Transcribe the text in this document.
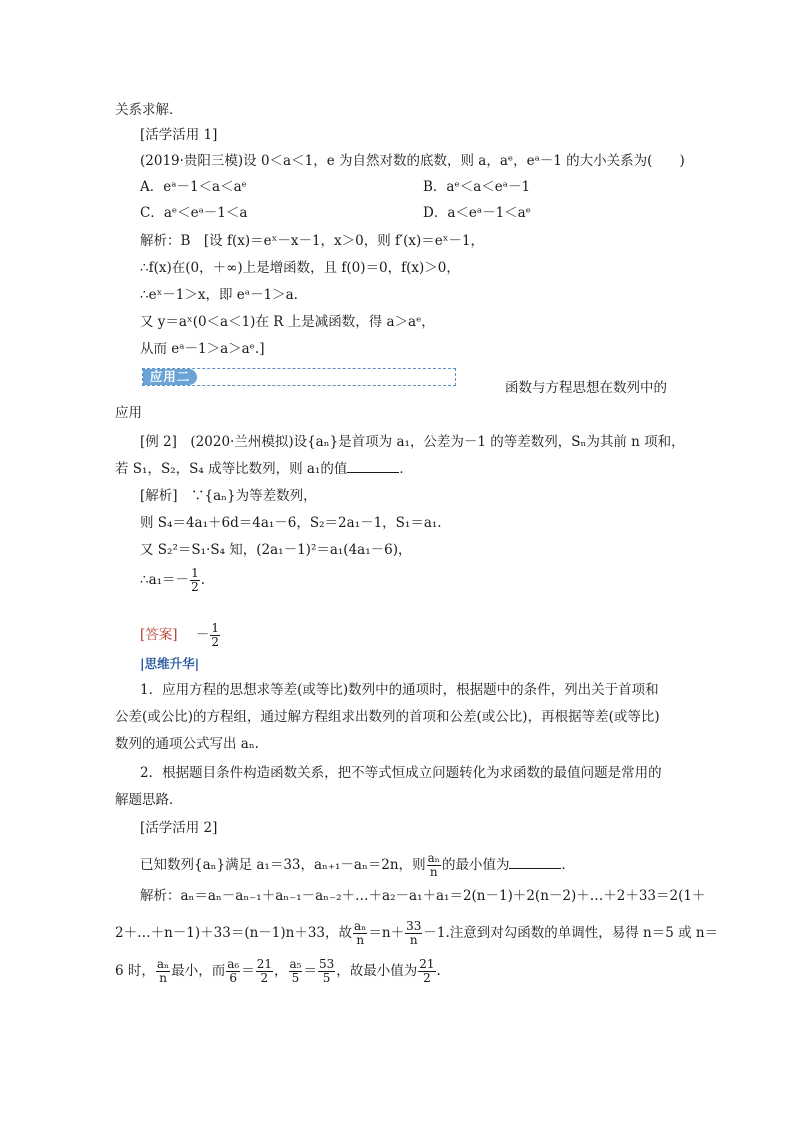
关系求解．
[活学活用 1]
(2019·贵阳三模)设 0＜a＜1，e 为自然对数的底数，则 a，aᵉ，eᵃ－1 的大小关系为(　　)
A．eᵃ－1＜a＜aᵉ	B．aᵉ＜a＜eᵃ－1
C．aᵉ＜eᵃ－1＜a	D．a＜eᵃ－1＜aᵉ
解析：B　[设 f(x)＝eˣ－x－1，x＞0，则 f′(x)＝eˣ－1，
∴f(x)在(0，＋∞)上是增函数，且 f(0)＝0，f(x)＞0，
∴eˣ－1＞x，即 eᵃ－1＞a.
又 y＝aˣ(0＜a＜1)在 R 上是减函数，得 a＞aᵉ，
从而 eᵃ－1＞a＞aᵉ.]
应用二
函数与方程思想在数列中的
应用
[例 2]　(2020·兰州模拟)设{aₙ}是首项为 a₁，公差为－1 的等差数列，Sₙ为其前 n 项和，
若 S₁，S₂，S₄ 成等比数列，则 a₁的值	．
[解析]　∵{aₙ}为等差数列，
则 S₄＝4a₁＋6d＝4a₁－6，S₂＝2a₁－1，S₁＝a₁.
又 S₂²＝S₁·S₄ 知，(2a₁－1)²＝a₁(4a₁－6)，
∴a₁＝－ $\frac{1}{2}$ .
[答案] － $\frac{1}{2}$
|思维升华|
1．应用方程的思想求等差(或等比)数列中的通项时，根据题中的条件，列出关于首项和
公差(或公比)的方程组，通过解方程组求出数列的首项和公差(或公比)，再根据等差(或等比)
数列的通项公式写出 aₙ.
2．根据题目条件构造函数关系，把不等式恒成立问题转化为求函数的最值问题是常用的
解题思路．
[活学活用 2]
已知数列{aₙ}满足 a₁＝33，aₙ₊₁－aₙ＝2n，则 $\frac{\text{aₙ}}{n}$ 的最小值为	．
解析：aₙ＝aₙ－aₙ₋₁＋aₙ₋₁－aₙ₋₂＋…＋a₂－a₁＋a₁＝2(n－1)＋2(n－2)＋…＋2＋33＝2(1＋
2＋…＋n－1)＋33＝(n－1)n＋33，故 $\frac{\text{aₙ}}{n} =n+ \frac{33}{n} -1$.注意到对勾函数的单调性，易得 n＝5 或 n＝
6 时， $\frac{\text{aₙ}}{n}$ 最小，而 $\frac{\text{a₆}}{6} = \frac{21}{2}$ ， $\frac{\text{a₅}}{5} = \frac{53}{5}$ ，故最小值为 $\frac{21}{2}$ .
